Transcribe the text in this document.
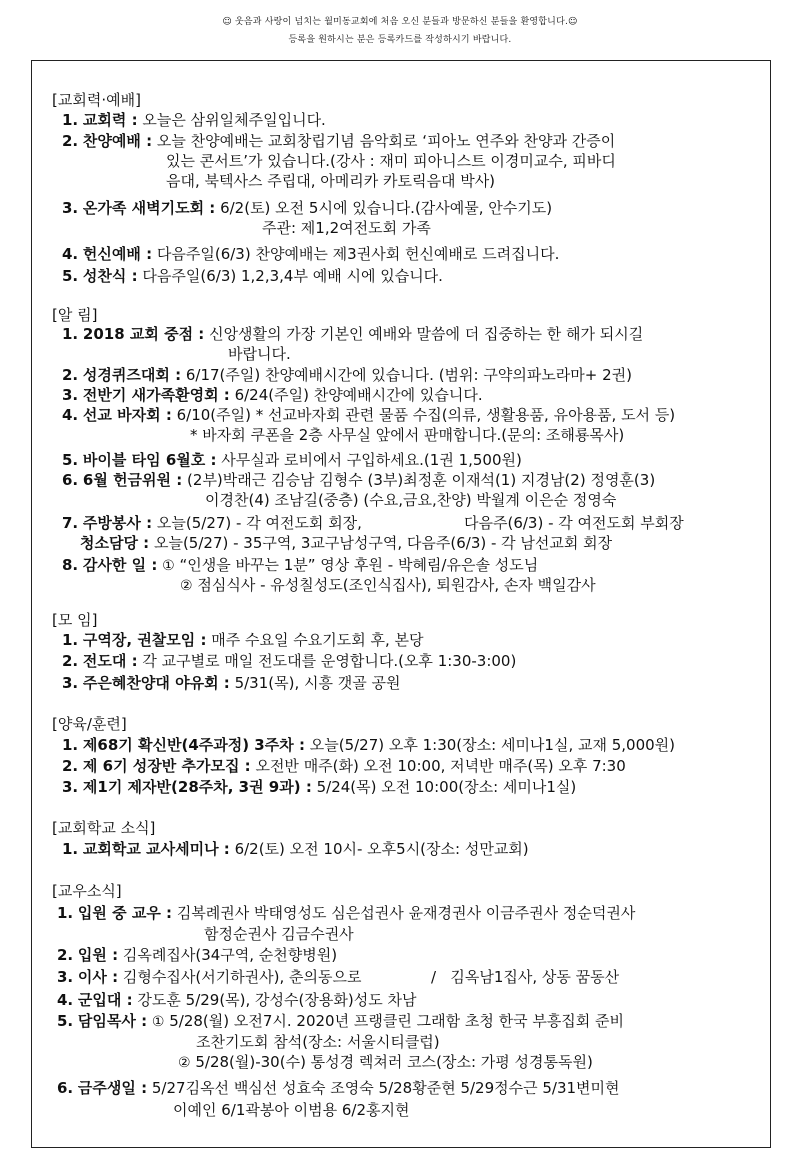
☺ 웃음과 사랑이 넘치는 월미동교회에 처음 오신 분들과 방문하신 분들을 환영합니다.☺
등록을 원하시는 분은 등록카드를 작성하시기 바랍니다.
[교회력·예배]
1. 교회력 : 오늘은 삼위일체주일입니다.
2. 찬양예배 : 오늘 찬양예배는 교회창립기념 음악회로 ‘피아노 연주와 찬양과 간증이
있는 콘서트’가 있습니다.(강사 : 재미 피아니스트 이경미교수, 피바디
음대, 북텍사스 주립대, 아메리카 카토릭음대 박사)
3. 온가족 새벽기도회 : 6/2(토) 오전 5시에 있습니다.(감사예물, 안수기도)
주관: 제1,2여전도회 가족
4. 헌신예배 : 다음주일(6/3) 찬양예배는 제3권사회 헌신예배로 드려집니다.
5. 성찬식 : 다음주일(6/3) 1,2,3,4부 예배 시에 있습니다.
[알 림]
1. 2018 교회 중점 : 신앙생활의 가장 기본인 예배와 말씀에 더 집중하는 한 해가 되시길
바랍니다.
2. 성경퀴즈대회 : 6/17(주일) 찬양예배시간에 있습니다. (범위: 구약의파노라마+ 2권)
3. 전반기 새가족환영회 : 6/24(주일) 찬양예배시간에 있습니다.
4. 선교 바자회 : 6/10(주일) * 선교바자회 관련 물품 수집(의류, 생활용품, 유아용품, 도서 등)
* 바자회 쿠폰을 2층 사무실 앞에서 판매합니다.(문의: 조해룡목사)
5. 바이블 타임 6월호 : 사무실과 로비에서 구입하세요.(1권 1,500원)
6. 6월 헌금위원 : (2부)박래근 김승남 김형수 (3부)최정훈 이재석(1) 지경남(2) 정영훈(3)
이경찬(4) 조남길(중층) (수요,금요,찬양) 박월계 이은순 정영숙
7. 주방봉사 : 오늘(5/27) - 각 여전도회 회장,	다음주(6/3) - 각 여전도회 부회장
청소담당 : 오늘(5/27) - 35구역, 3교구남성구역, 다음주(6/3) - 각 남선교회 회장
8. 감사한 일 : ① “인생을 바꾸는 1분” 영상 후원 - 박혜림/유은솔 성도님
② 점심식사 - 유성칠성도(조인식집사), 퇴원감사, 손자 백일감사
[모 임]
1. 구역장, 권찰모임 : 매주 수요일 수요기도회 후, 본당
2. 전도대 : 각 교구별로 매일 전도대를 운영합니다.(오후 1:30-3:00)
3. 주은혜찬양대 야유회 : 5/31(목), 시흥 갯골 공원
[양육/훈련]
1. 제68기 확신반(4주과정) 3주차 : 오늘(5/27) 오후 1:30(장소: 세미나1실, 교재 5,000원)
2. 제 6기 성장반 추가모집 : 오전반 매주(화) 오전 10:00, 저녁반 매주(목) 오후 7:30
3. 제1기 제자반(28주차, 3권 9과) : 5/24(목) 오전 10:00(장소: 세미나1실)
[교회학교 소식]
1. 교회학교 교사세미나 : 6/2(토) 오전 10시- 오후5시(장소: 성만교회)
[교우소식]
1. 입원 중 교우 : 김복례권사 박태영성도 심은섭권사 윤재경권사 이금주권사 정순덕권사
함정순권사 김금수권사
2. 입원 : 김옥례집사(34구역, 순천향병원)
3. 이사 : 김형수집사(서기하권사), 춘의동으로	/ 김옥남1집사, 상동 꿈동산
4. 군입대 : 강도훈 5/29(목), 강성수(장용화)성도 차남
5. 담임목사 : ① 5/28(월) 오전7시. 2020년 프랭클린 그래함 초청 한국 부흥집회 준비
조찬기도회 참석(장소: 서울시티클럽)
② 5/28(월)-30(수) 통성경 렉쳐러 코스(장소: 가평 성경통독원)
6. 금주생일 : 5/27김옥선 백심선 성효숙 조영숙 5/28황준현 5/29정수근 5/31변미현
이예인 6/1곽봉아 이범용 6/2홍지현
